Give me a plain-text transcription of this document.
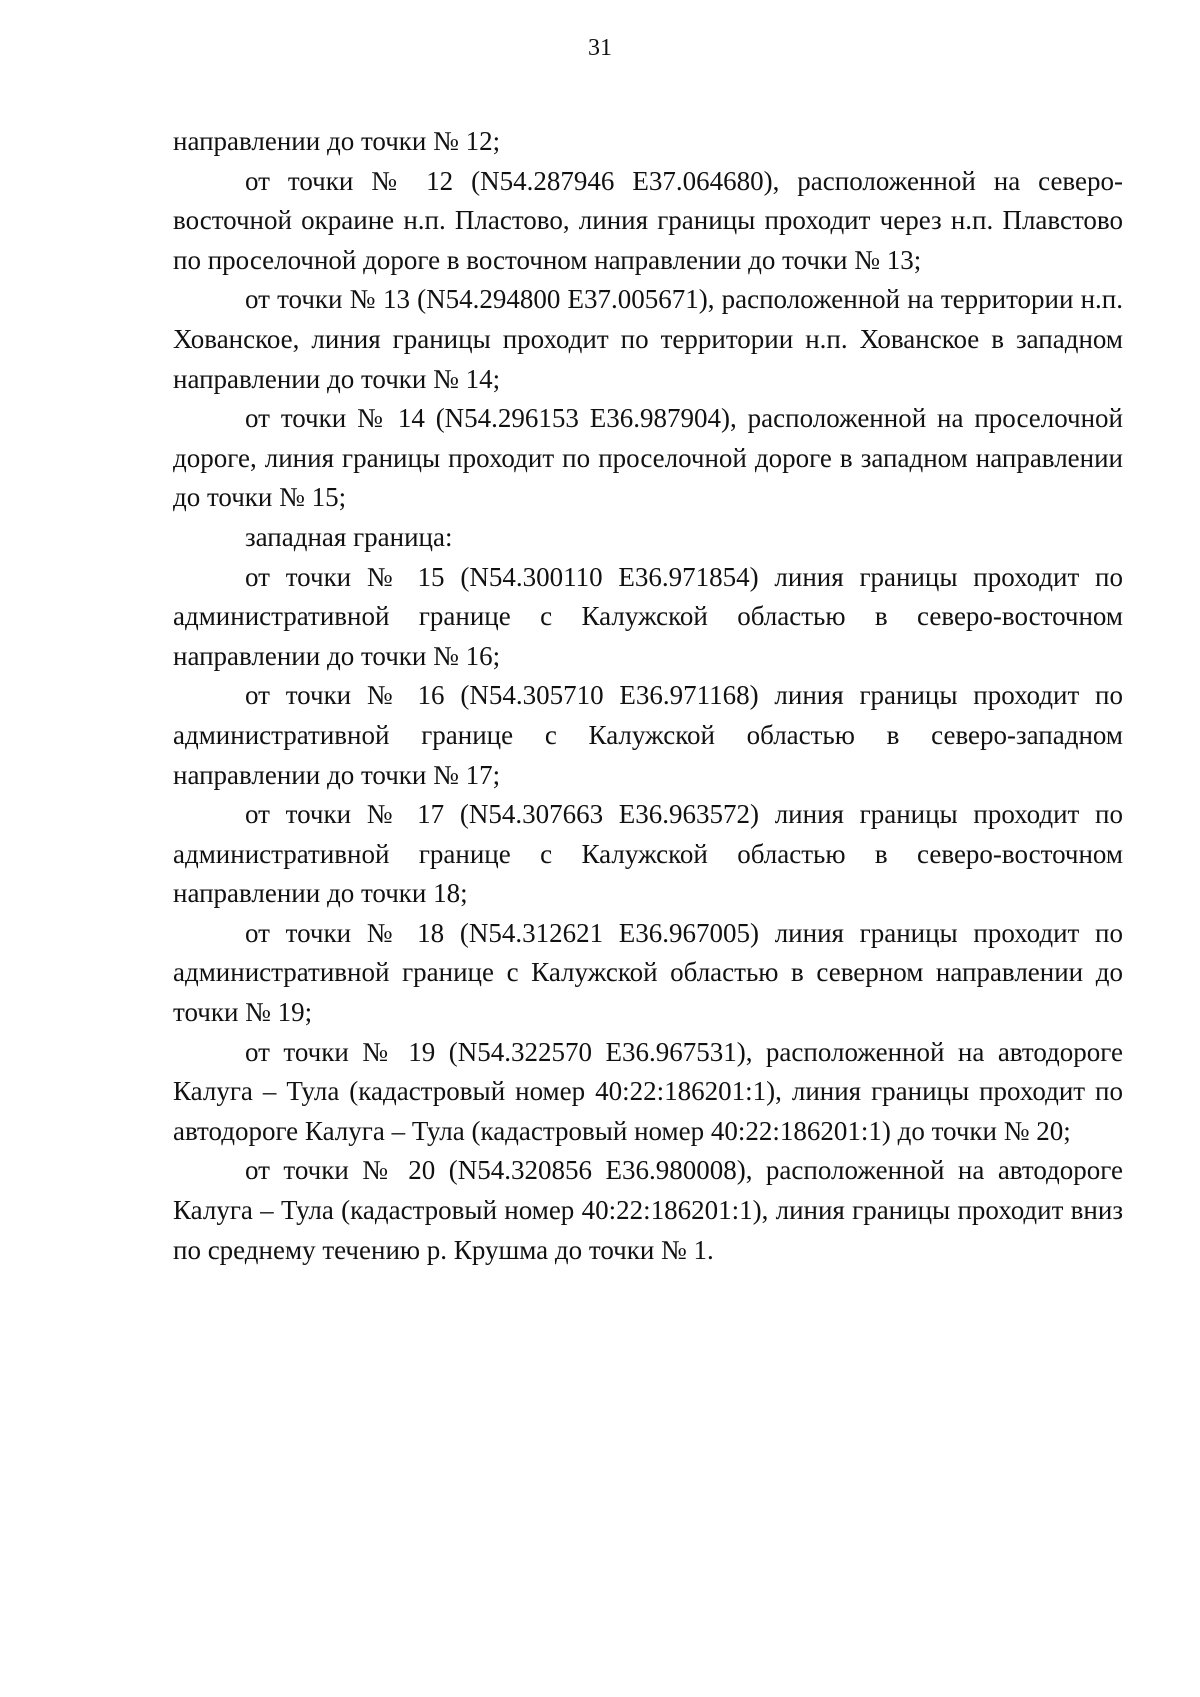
31

направлении до точки № 12;

от точки № 12 (N54.287946 E37.064680), расположенной на северо-восточной окраине н.п. Пластово, линия границы проходит через н.п. Плавстово по проселочной дороге в восточном направлении до точки № 13;

от точки № 13 (N54.294800 E37.005671), расположенной на территории н.п. Хованское, линия границы проходит по территории н.п. Хованское в западном направлении до точки № 14;

от точки № 14 (N54.296153 E36.987904), расположенной на проселочной дороге, линия границы проходит по проселочной дороге в западном направлении до точки № 15;

западная граница:

от точки № 15 (N54.300110 E36.971854) линия границы проходит по административной границе с Калужской областью в северо-восточном направлении до точки № 16;

от точки № 16 (N54.305710 E36.971168) линия границы проходит по административной границе с Калужской областью в северо-западном направлении до точки № 17;

от точки № 17 (N54.307663 E36.963572) линия границы проходит по административной границе с Калужской областью в северо-восточном направлении до точки 18;

от точки № 18 (N54.312621 E36.967005) линия границы проходит по административной границе с Калужской областью в северном направлении до точки № 19;

от точки № 19 (N54.322570 E36.967531), расположенной на автодороге Калуга – Тула (кадастровый номер 40:22:186201:1), линия границы проходит по автодороге Калуга – Тула (кадастровый номер 40:22:186201:1) до точки № 20;

от точки № 20 (N54.320856 E36.980008), расположенной на автодороге Калуга – Тула (кадастровый номер 40:22:186201:1), линия границы проходит вниз по среднему течению р. Крушма до точки № 1.
